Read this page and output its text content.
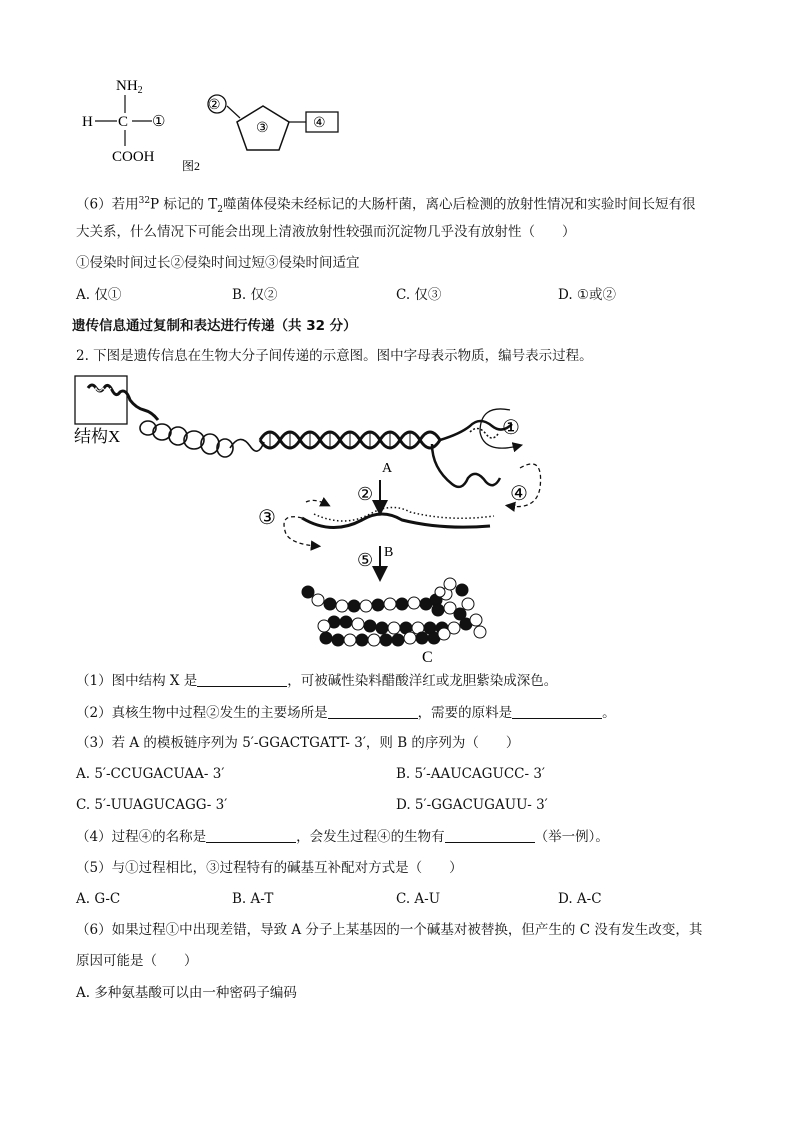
$NH_2$
H C ①
COOH
②
③	④
图2
（6）若用$^{32}$P 标记的 $T_2$噬菌体侵染未经标记的大肠杆菌，离心后检测的放射性情况和实验时间长短有很
大关系，什么情况下可能会出现上清液放射性较强而沉淀物几乎没有放射性（　　）
①侵染时间过长②侵染时间过短③侵染时间适宜
A. 仅①	B. 仅②	C. 仅③	D. ①或②
遗传信息通过复制和表达进行传递（共 32 分）
2. 下图是遗传信息在生物大分子间传递的示意图。图中字母表示物质，编号表示过程。
结构X	①
④
A
②
③
⑤ B
C
（1）图中结构 X 是	，可被碱性染料醋酸洋红或龙胆紫染成深色。
（2）真核生物中过程②发生的主要场所是	，需要的原料是	。
（3）若 A 的模板链序列为 5′-GGACTGATT- 3′，则 B 的序列为（　　）
A. 5′-CCUGACUAA- 3′	B. 5′-AAUCAGUCC- 3′
C. 5′-UUAGUCAGG- 3′	D. 5′-GGACUGAUU- 3′
（4）过程④的名称是	，会发生过程④的生物有	（举一例）。
（5）与①过程相比，③过程特有的碱基互补配对方式是（　　）
A. G-C	B. A-T	C. A-U	D. A-C
（6）如果过程①中出现差错，导致 A 分子上某基因的一个碱基对被替换，但产生的 C 没有发生改变，其
原因可能是（　　）
A. 多种氨基酸可以由一种密码子编码
